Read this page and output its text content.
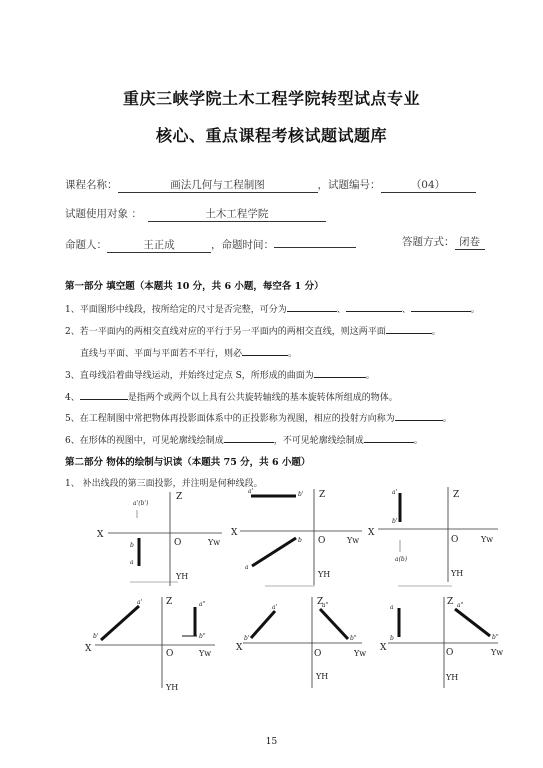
重庆三峡学院土木工程学院转型试点专业
核心、重点课程考核试题试题库
课程名称：	画法几何与工程制图	，试题编号：	（04）
试题使用对象 ：	土木工程学院
命题人：	王正成	，命题时间：	答题方式： 闭卷
第一部分 填空题（本题共 10 分，共 6 小题，每空各 1 分）
1、平面图形中线段，按所给定的尺寸是否完整，可分为	、	、	。
2、若一平面内的两相交直线对应的平行于另一平面内的两相交直线，则这两平面	。
直线与平面、平面与平面若不平行，则必	。
3、直母线沿着曲导线运动，并始终过定点 S，所形成的曲面为	。
4、	是指两个或两个以上具有公共旋转轴线的基本旋转体所组成的物体。
5、在工程制图中常把物体再投影面体系中的正投影称为视图，相应的投射方向称为	。
6、在形体的视图中，可见轮廓线绘制成	，不可见轮廓线绘制成	。
第二部分 物体的绘制与识读（本题共 75 分，共 6 小题）
1、 补出线段的第三面投影，并注明是何种线段。
Z
X
O	Yw
YH
a'(b')
b
a
Z
X
O	Yw
YH
a'	b'
b
a
Z
X
O	Yw
YH
a'
b'
a(b)
Z
X	O	Yw
YH
a'
b'
a"
b"
Z
X
O	Yw
YH
a'
b'
a"
b"
Z
X	O	Yw
YH
a
b
a"
b"
15
